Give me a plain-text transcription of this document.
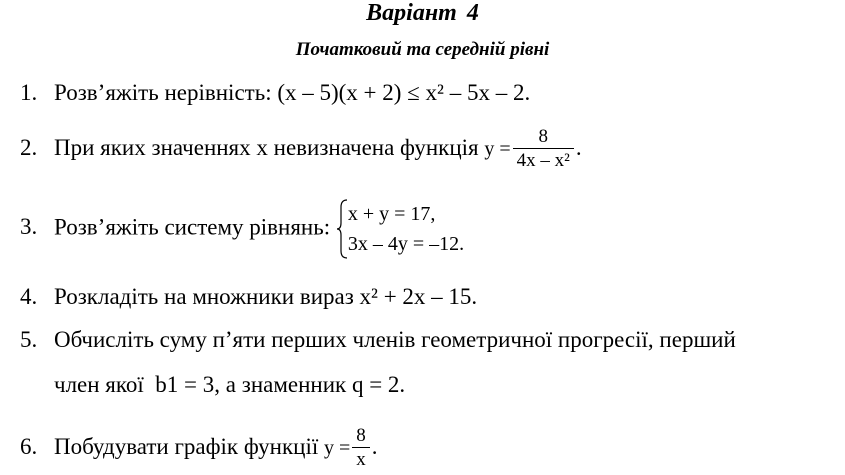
Варіант 4
Початковий та середній рівні
1. Розв’яжіть нерівність: (x – 5)(x + 2) ≤ x² – 5x – 2.
2. При яких значеннях x невизначена функція $y = \frac{8}{\text{4x – x²}}$ .
3. Розв’яжіть систему рівнянь:
x + y = 17,
3x – 4y = –12.
4. Розкладіть на множники вираз x² + 2x – 15.
5. Обчисліть суму п’яти перших членів геометричної прогресії, перший
член якої b1 = 3, а знаменник q = 2.
6. Побудувати графік функції $y = \frac{8}{x}$ .
